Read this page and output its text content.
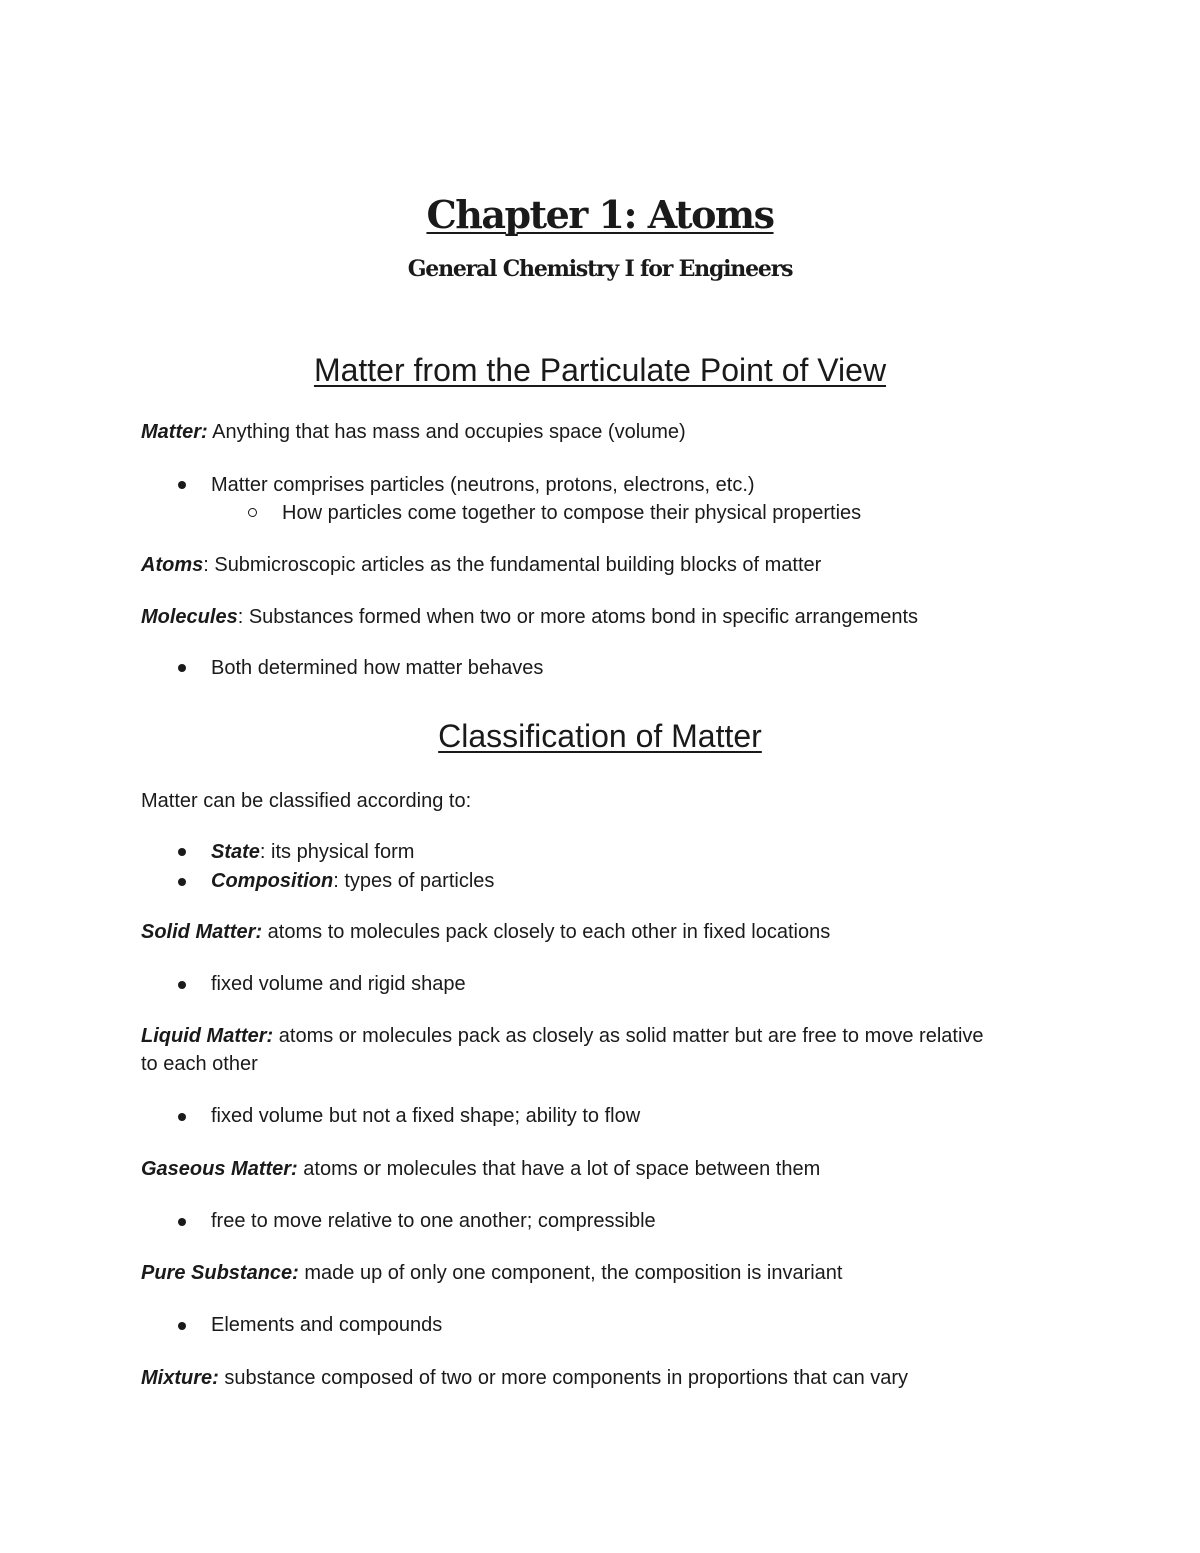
Chapter 1: Atoms
General Chemistry I for Engineers
Matter from the Particulate Point of View
Matter: Anything that has mass and occupies space (volume)
Matter comprises particles (neutrons, protons, electrons, etc.)
How particles come together to compose their physical properties
Atoms: Submicroscopic articles as the fundamental building blocks of matter
Molecules: Substances formed when two or more atoms bond in specific arrangements
Both determined how matter behaves
Classification of Matter
Matter can be classified according to:
State: its physical form
Composition: types of particles
Solid Matter: atoms to molecules pack closely to each other in fixed locations
fixed volume and rigid shape
Liquid Matter: atoms or molecules pack as closely as solid matter but are free to move relative
to each other
fixed volume but not a fixed shape; ability to flow
Gaseous Matter: atoms or molecules that have a lot of space between them
free to move relative to one another; compressible
Pure Substance: made up of only one component, the composition is invariant
Elements and compounds
Mixture: substance composed of two or more components in proportions that can vary
